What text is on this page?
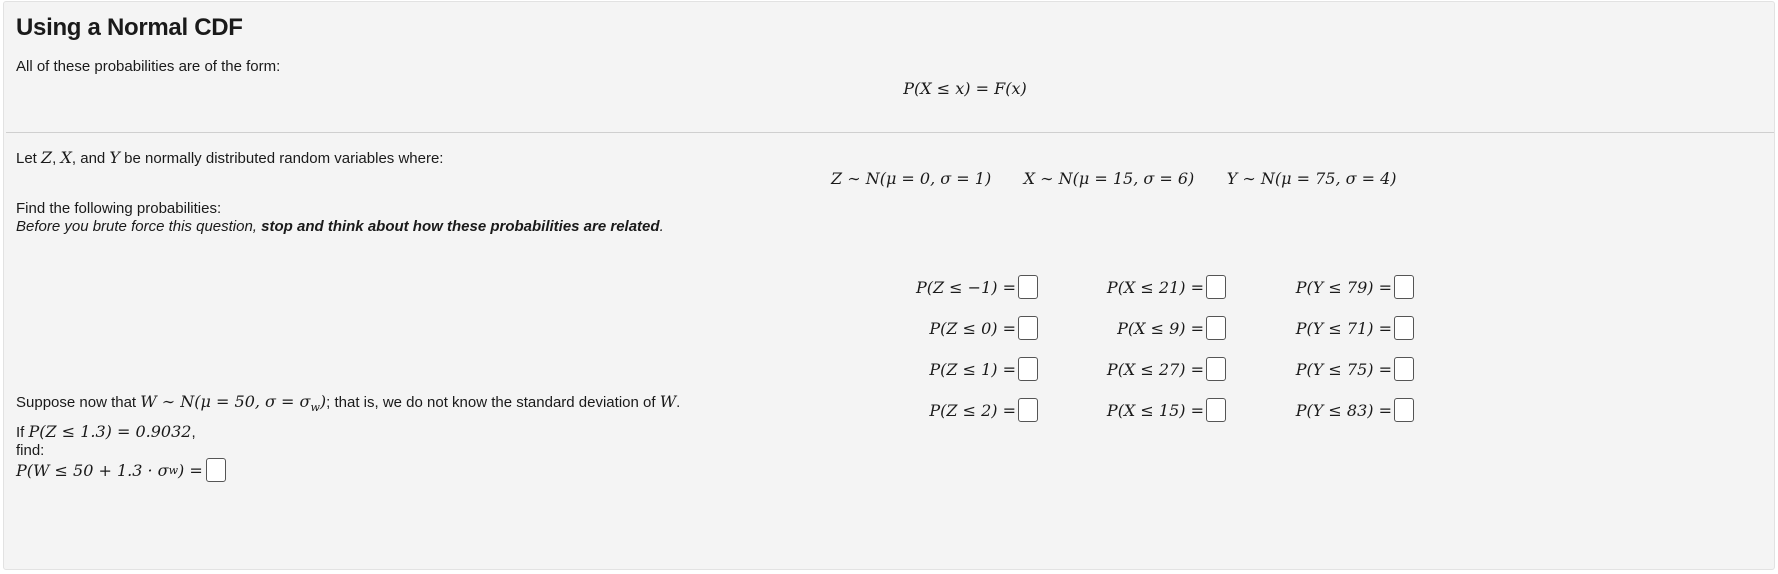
Using a Normal CDF
All of these probabilities are of the form:
P(X ≤ x) = F(x)
Let Z, X, and Y be normally distributed random variables where:
Z ∼ N(μ = 0, σ = 1) X ∼ N(μ = 15, σ = 6) Y ∼ N(μ = 75, σ = 4)
Find the following probabilities:
Before you brute force this question, stop and think about how these probabilities are related.
P(Z ≤ −1) =	P(X ≤ 21) =	P(Y ≤ 79) =
P(Z ≤ 0) =	P(X ≤ 9) =	P(Y ≤ 71) =
P(Z ≤ 1) =	P(X ≤ 27) =	P(Y ≤ 75) =
P(Z ≤ 2) =	P(X ≤ 15) =	P(Y ≤ 83) =
Suppose now that W ∼ N(μ = 50, $\sigma = \sigma_w$); that is, we do not know the standard deviation of W.
If P(Z ≤ 1.3) = 0.9032,
find:
P(W ≤ 50 + 1.3 · σ w ) =
